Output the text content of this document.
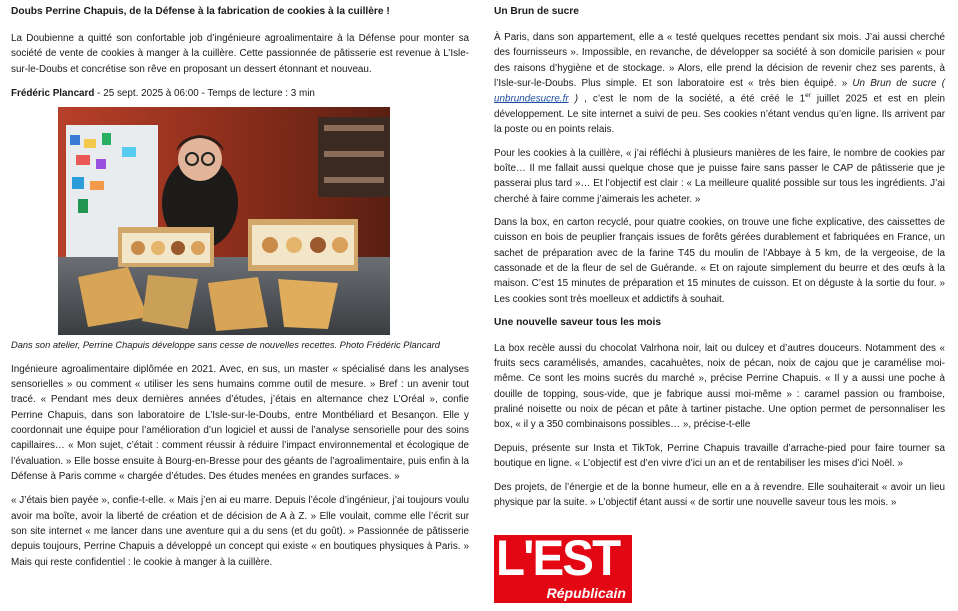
Doubs Perrine Chapuis, de la Défense à la fabrication de cookies à la cuillère !

La Doubienne a quitté son confortable job d’ingénieure agroalimentaire à la Défense pour monter sa société de vente de cookies à manger à la cuillère. Cette passionnée de pâtisserie est revenue à L’Isle-sur-le-Doubs et concrétise son rêve en proposant un dessert étonnant et nouveau.

Frédéric Plancard - 25 sept. 2025 à 06:00 - Temps de lecture : 3 min

Dans son atelier, Perrine Chapuis développe sans cesse de nouvelles recettes. Photo Frédéric Plancard

Ingénieure agroalimentaire diplômée en 2021. Avec, en sus, un master « spécialisé dans les analyses sensorielles » ou comment « utiliser les sens humains comme outil de mesure. » Bref : un avenir tout tracé. « Pendant mes deux dernières années d’études, j’étais en alternance chez L’Oréal », confie Perrine Chapuis, dans son laboratoire de L’Isle-sur-le-Doubs, entre Montbéliard et Besançon. Elle y coordonnait une équipe pour l’amélioration d’un logiciel et aussi de l’analyse sensorielle pour des soins capillaires… « Mon sujet, c’était : comment réussir à réduire l’impact environnemental et écologique de l’évaluation. » Elle bosse ensuite à Bourg-en-Bresse pour des géants de l’agroalimentaire, puis enfin à la Défense à Paris comme « chargée d’études. Des études menées en grandes surfaces. »

« J’étais bien payée », confie-t-elle. « Mais j’en ai eu marre. Depuis l’école d’ingénieur, j’ai toujours voulu avoir ma boîte, avoir la liberté de création et de décision de A à Z. » Elle voulait, comme elle l’écrit sur son site internet « me lancer dans une aventure qui a du sens (et du goût). » Passionnée de pâtisserie depuis toujours, Perrine Chapuis a développé un concept qui existe « en boutiques physiques à Paris. » Mais qui reste confidentiel : le cookie à manger à la cuillère.

Un Brun de sucre

À Paris, dans son appartement, elle a « testé quelques recettes pendant six mois. J’ai aussi cherché des fournisseurs ». Impossible, en revanche, de développer sa société à son domicile parisien « pour des raisons d’hygiène et de stockage. » Alors, elle prend la décision de revenir chez ses parents, à l’Isle-sur-le-Doubs. Plus simple. Et son laboratoire est « très bien équipé. » Un Brun de sucre ( unbrundesucre.fr ) , c’est le nom de la société, a été créé le 1er juillet 2025 et est en plein développement. Le site internet a suivi de peu. Ses cookies n’étant vendus qu’en ligne. Ils arrivent par la poste ou en points relais.

Pour les cookies à la cuillère, « j’ai réfléchi à plusieurs manières de les faire, le nombre de cookies par boîte… Il me fallait aussi quelque chose que je puisse faire sans passer le CAP de pâtisserie que je passerai plus tard »… Et l’objectif est clair : « La meilleure qualité possible sur tous les ingrédients. J’ai cherché à faire comme j’aimerais les acheter. »

Dans la box, en carton recyclé, pour quatre cookies, on trouve une fiche explicative, des caissettes de cuisson en bois de peuplier français issues de forêts gérées durablement et fabriquées en France, un sachet de préparation avec de la farine T45 du moulin de l’Abbaye à 5 km, de la vergeoise, de la cassonade et de la fleur de sel de Guérande. « Et on rajoute simplement du beurre et des œufs à la maison. C’est 15 minutes de préparation et 15 minutes de cuisson. Et on déguste à la sortie du four. » Les cookies sont très moelleux et addictifs à souhait.

Une nouvelle saveur tous les mois

La box recèle aussi du chocolat Valrhona noir, lait ou dulcey et d’autres douceurs. Notamment des « fruits secs caramélisés, amandes, cacahuètes, noix de pécan, noix de cajou que je caramélise moi-même. Ce sont les moins sucrés du marché », précise Perrine Chapuis. « Il y a aussi une poche à douille de topping, sous-vide, que je fabrique aussi moi-même » : caramel passion ou framboise, praliné noisette ou noix de pécan et pâte à tartiner pistache. Une option permet de personnaliser les box, « il y a 350 combinaisons possibles… », précise-t-elle

Depuis, présente sur Insta et TikTok, Perrine Chapuis travaille d’arrache-pied pour faire tourner sa boutique en ligne. « L’objectif est d’en vivre d’ici un an et de rentabiliser les mises d’ici Noël. »

Des projets, de l’énergie et de la bonne humeur, elle en a à revendre. Elle souhaiterait « avoir un lieu physique par la suite. » L’objectif étant aussi « de sortir une nouvelle saveur tous les mois. »

L'EST
Républicain
